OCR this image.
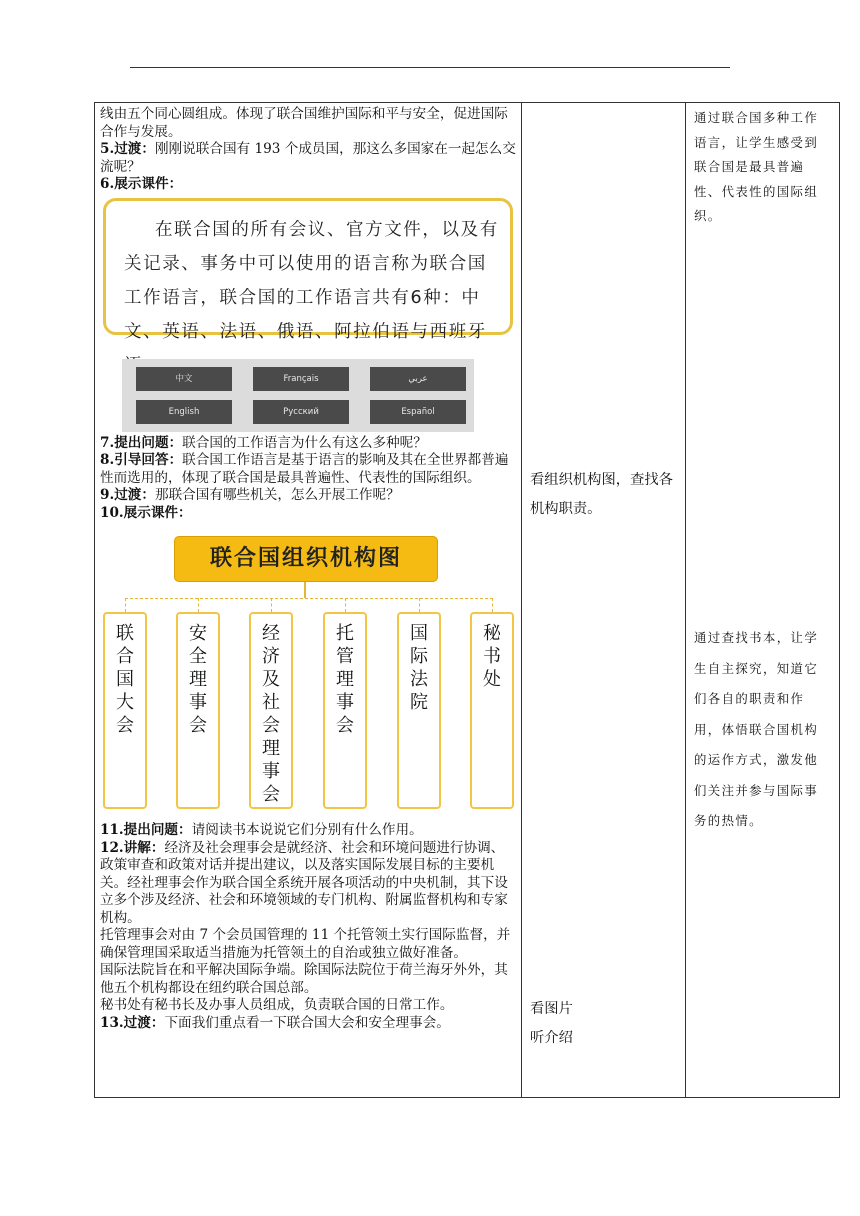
线由五个同心圆组成。体现了联合国维护国际和平与安全，促进国际合作与发展。

5.过渡：刚刚说联合国有 193 个成员国，那这么多国家在一起怎么交流呢？

6.展示课件：

在联合国的所有会议、官方文件，以及有关记录、事务中可以使用的语言称为联合国工作语言，联合国的工作语言共有6种：中文、英语、法语、俄语、阿拉伯语与西班牙
中文	Français	عربي
English	Русский	Español

7.提出问题：联合国的工作语言为什么有这么多种呢？

8.引导回答：联合国工作语言是基于语言的影响及其在全世界都普遍性而选用的，体现了联合国是最具普遍性、代表性的国际组织。

9.过渡：那联合国有哪些机关，怎么开展工作呢？

10.展示课件：

联合国组织机构图
联合国大会
安全理事会
经济及社会理事会
托管理事会
国际法院
秘书处

11.提出问题：请阅读书本说说它们分别有什么作用。

12.讲解：经济及社会理事会是就经济、社会和环境问题进行协调、政策审查和政策对话并提出建议，以及落实国际发展目标的主要机关。经社理事会作为联合国全系统开展各项活动的中央机制，其下设立多个涉及经济、社会和环境领域的专门机构、附属监督机构和专家机构。

托管理事会对由 7 个会员国管理的 11 个托管领土实行国际监督，并确保管理国采取适当措施为托管领土的自治或独立做好准备。

国际法院旨在和平解决国际争端。除国际法院位于荷兰海牙外外，其他五个机构都设在纽约联合国总部。

秘书处有秘书长及办事人员组成，负责联合国的日常工作。

13.过渡：下面我们重点看一下联合国大会和安全理事会。

看组织机构图，查找各
机构职责。
看图片
听介绍

通过联合国多种工作
语言，让学生感受到
联合国是最具普遍
性、代表性的国际组
织。
通过查找书本，让学
生自主探究，知道它
们各自的职责和作
用，体悟联合国机构
的运作方式，激发他
们关注并参与国际事
务的热情。
